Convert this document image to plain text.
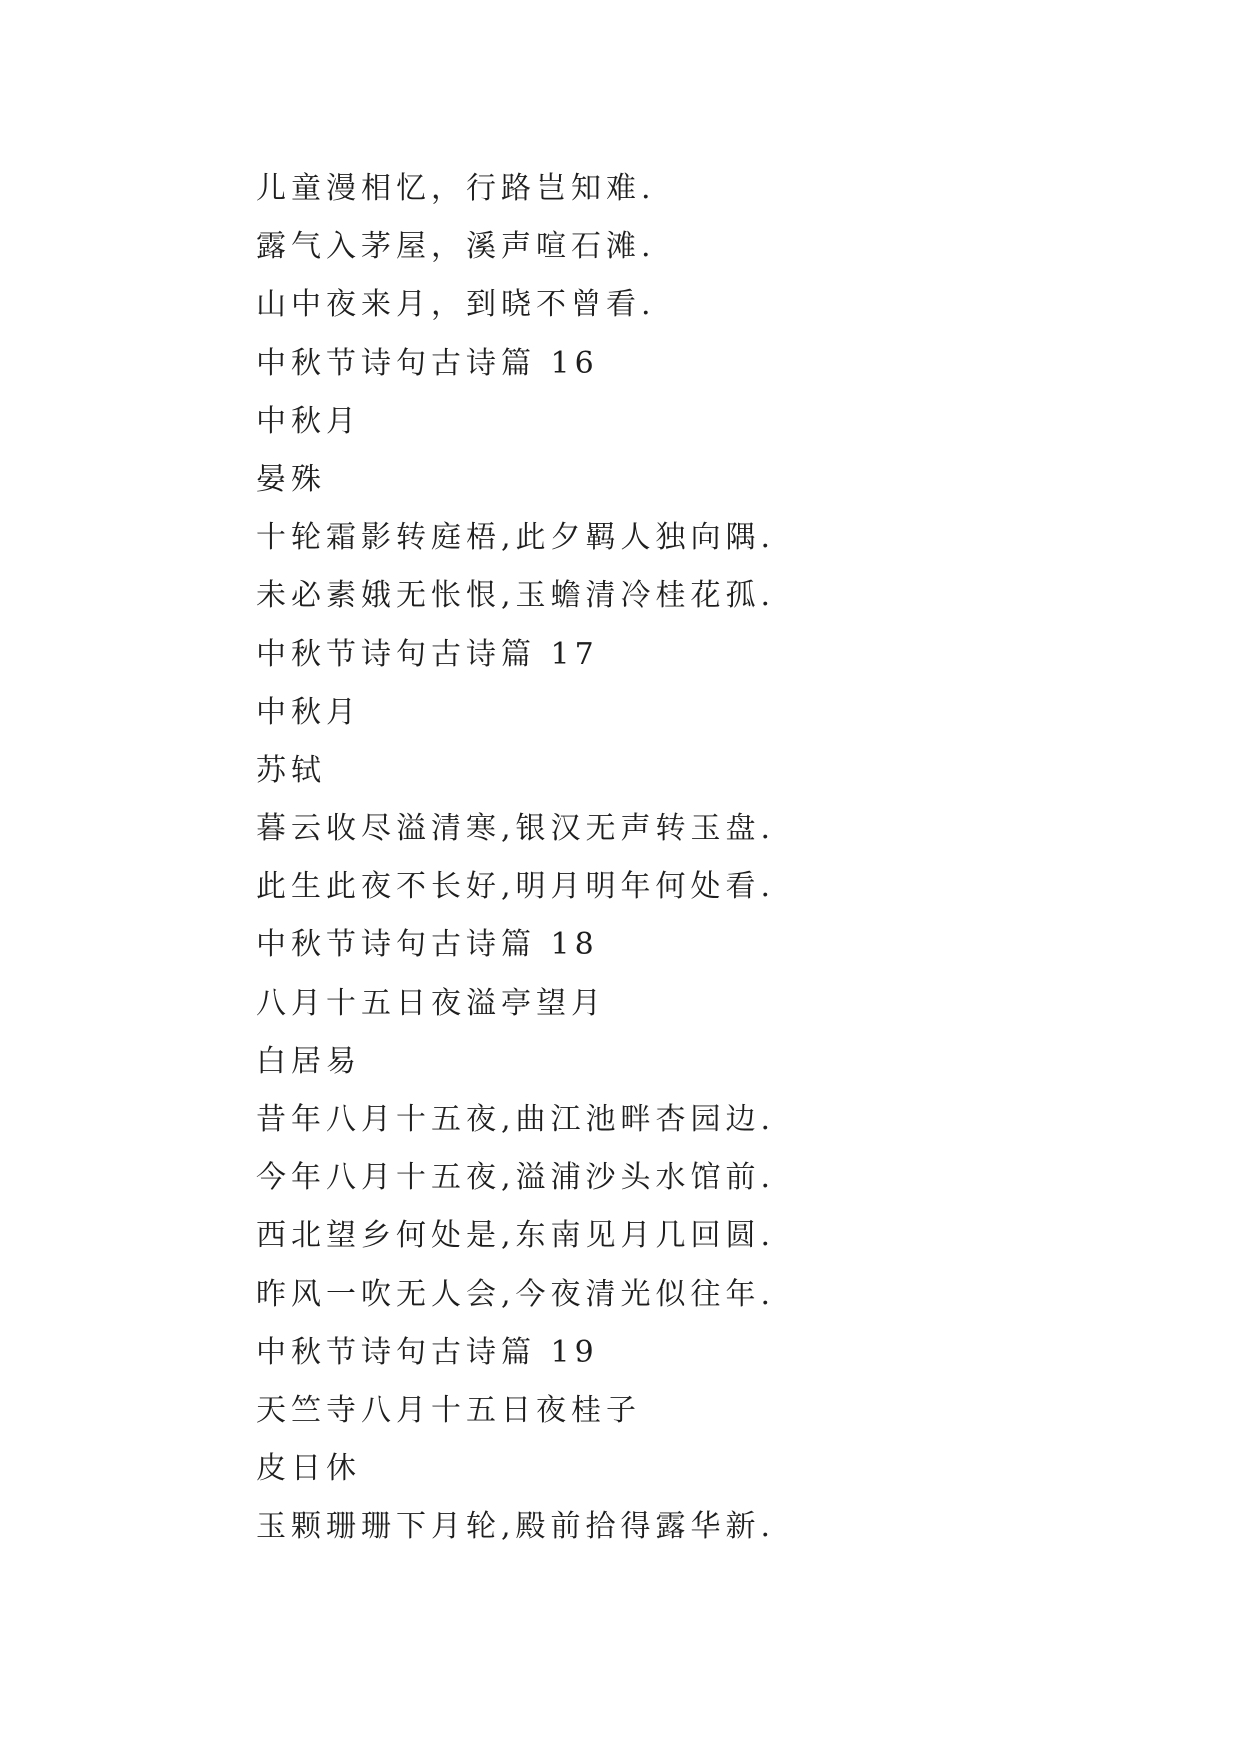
儿童漫相忆，行路岂知难.
露气入茅屋，溪声喧石滩.
山中夜来月，到晓不曾看.
中秋节诗句古诗篇 16
中秋月
晏殊
十轮霜影转庭梧,此夕羁人独向隅.
未必素娥无怅恨,玉蟾清冷桂花孤.
中秋节诗句古诗篇 17
中秋月
苏轼
暮云收尽溢清寒,银汉无声转玉盘.
此生此夜不长好,明月明年何处看.
中秋节诗句古诗篇 18
八月十五日夜溢亭望月
白居易
昔年八月十五夜,曲江池畔杏园边.
今年八月十五夜,溢浦沙头水馆前.
西北望乡何处是,东南见月几回圆.
昨风一吹无人会,今夜清光似往年.
中秋节诗句古诗篇 19
天竺寺八月十五日夜桂子
皮日休
玉颗珊珊下月轮,殿前拾得露华新.
